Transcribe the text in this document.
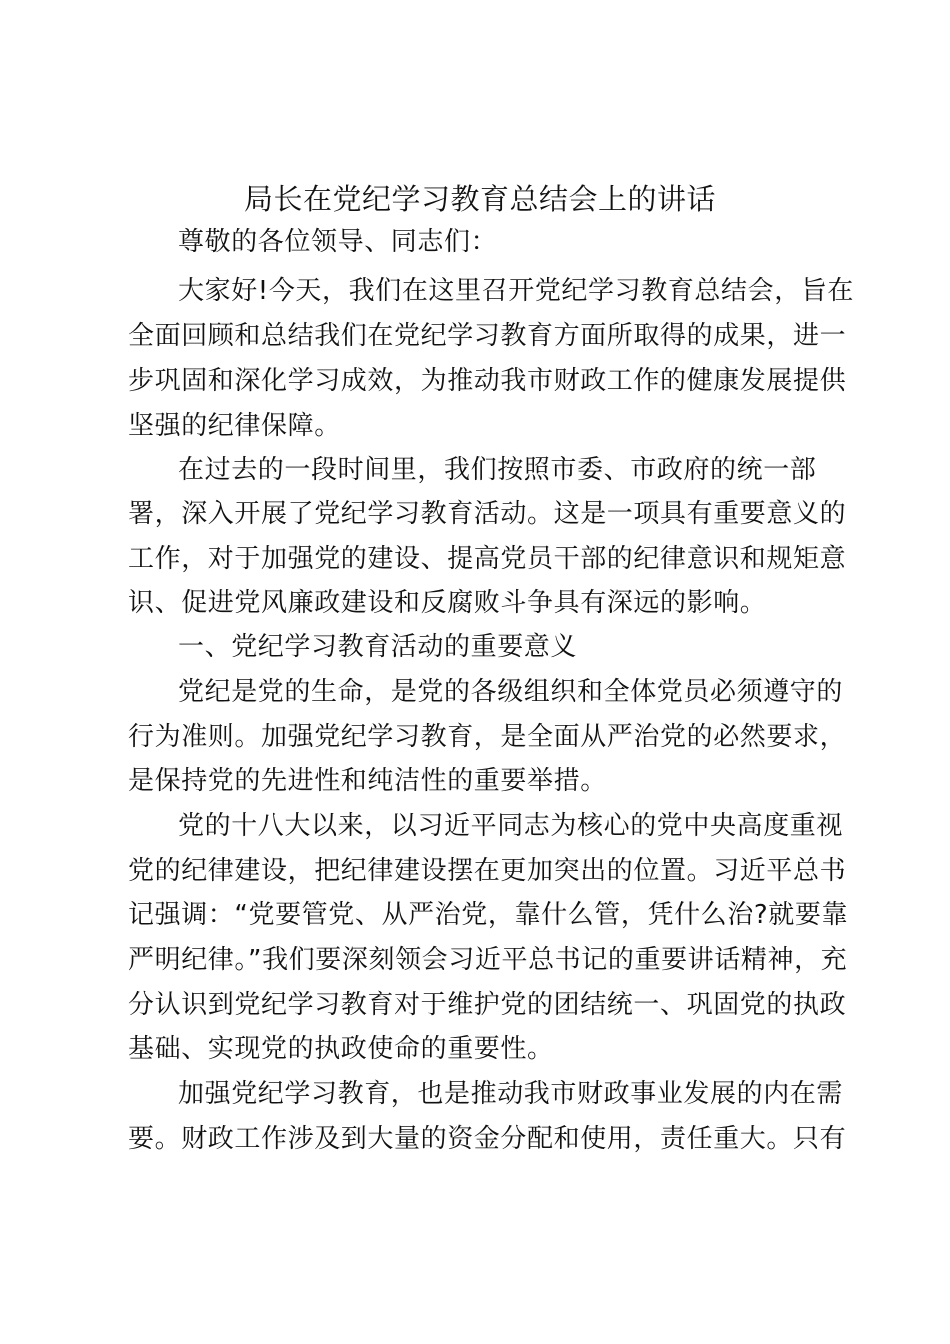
局长在党纪学习教育总结会上的讲话

尊敬的各位领导、同志们：

大家好!今天，我们在这里召开党纪学习教育总结会，旨在

全面回顾和总结我们在党纪学习教育方面所取得的成果，进一

步巩固和深化学习成效，为推动我市财政工作的健康发展提供

坚强的纪律保障。

在过去的一段时间里，我们按照市委、市政府的统一部

署，深入开展了党纪学习教育活动。这是一项具有重要意义的

工作，对于加强党的建设、提高党员干部的纪律意识和规矩意

识、促进党风廉政建设和反腐败斗争具有深远的影响。

一、党纪学习教育活动的重要意义

党纪是党的生命，是党的各级组织和全体党员必须遵守的

行为准则。加强党纪学习教育，是全面从严治党的必然要求，

是保持党的先进性和纯洁性的重要举措。

党的十八大以来，以习近平同志为核心的党中央高度重视

党的纪律建设，把纪律建设摆在更加突出的位置。习近平总书

记强调：“党要管党、从严治党，靠什么管，凭什么治?就要靠

严明纪律。”我们要深刻领会习近平总书记的重要讲话精神，充

分认识到党纪学习教育对于维护党的团结统一、巩固党的执政

基础、实现党的执政使命的重要性。

加强党纪学习教育，也是推动我市财政事业发展的内在需

要。财政工作涉及到大量的资金分配和使用，责任重大。只有
